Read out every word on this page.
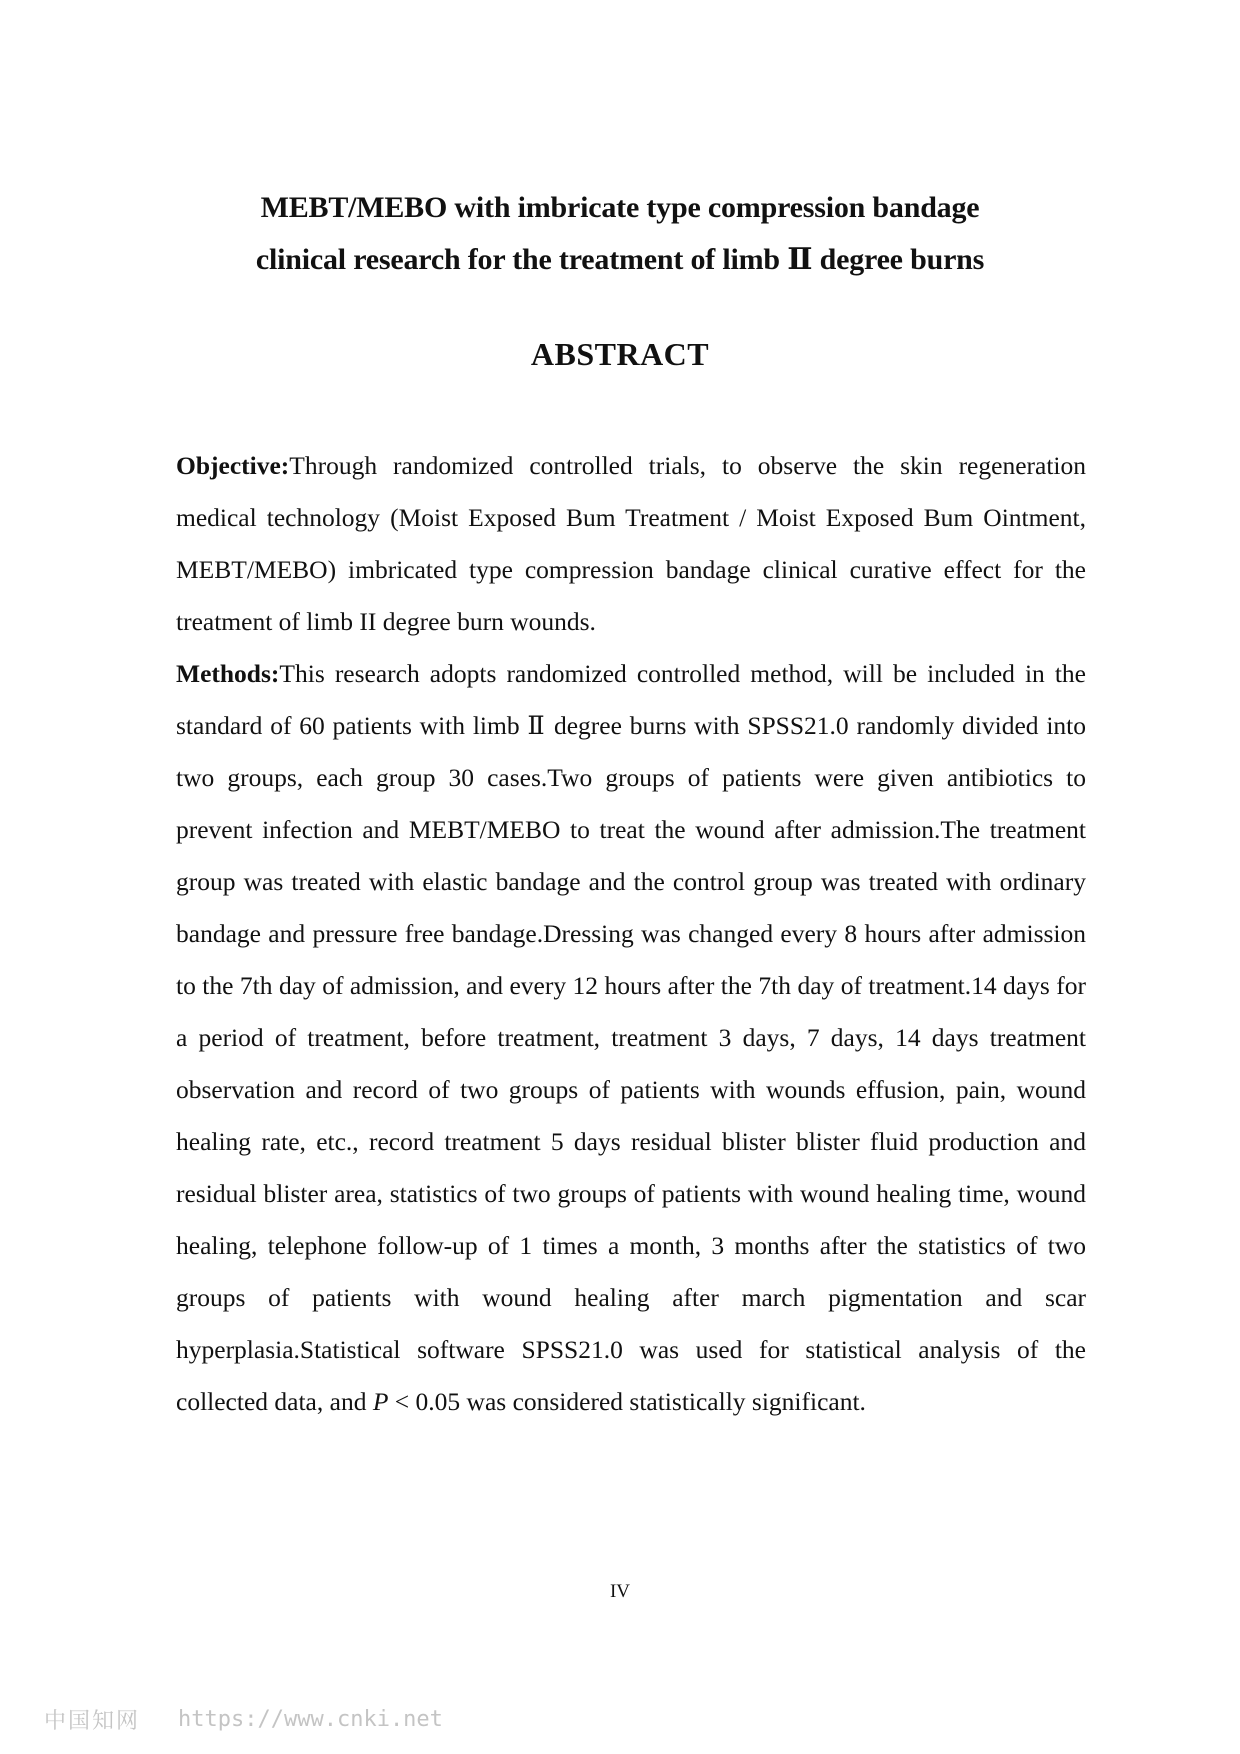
MEBT/MEBO with imbricate type compression bandage
clinical research for the treatment of limb Ⅱ degree burns
ABSTRACT

Objective:Through randomized controlled trials, to observe the skin regeneration medical technology (Moist Exposed Bum Treatment / Moist Exposed Bum Ointment, MEBT/MEBO) imbricated type compression bandage clinical curative effect for the treatment of limb II degree burn wounds.

Methods:This research adopts randomized controlled method, will be included in the standard of 60 patients with limb Ⅱ degree burns with SPSS21.0 randomly divided into two groups, each group 30 cases.Two groups of patients were given antibiotics to prevent infection and MEBT/MEBO to treat the wound after admission.The treatment group was treated with elastic bandage and the control group was treated with ordinary bandage and pressure free bandage.Dressing was changed every 8 hours after admission to the 7th day of admission, and every 12 hours after the 7th day of treatment.14 days for a period of treatment, before treatment, treatment 3 days, 7 days, 14 days treatment observation and record of two groups of patients with wounds effusion, pain, wound healing rate, etc., record treatment 5 days residual blister blister fluid production and residual blister area, statistics of two groups of patients with wound healing time, wound healing, telephone follow-up of 1 times a month, 3 months after the statistics of two groups of patients with wound healing after march pigmentation and scar hyperplasia.Statistical software SPSS21.0 was used for statistical analysis of the collected data, and P < 0.05 was considered statistically significant.

IV
中国知网 https://www.cnki.net
